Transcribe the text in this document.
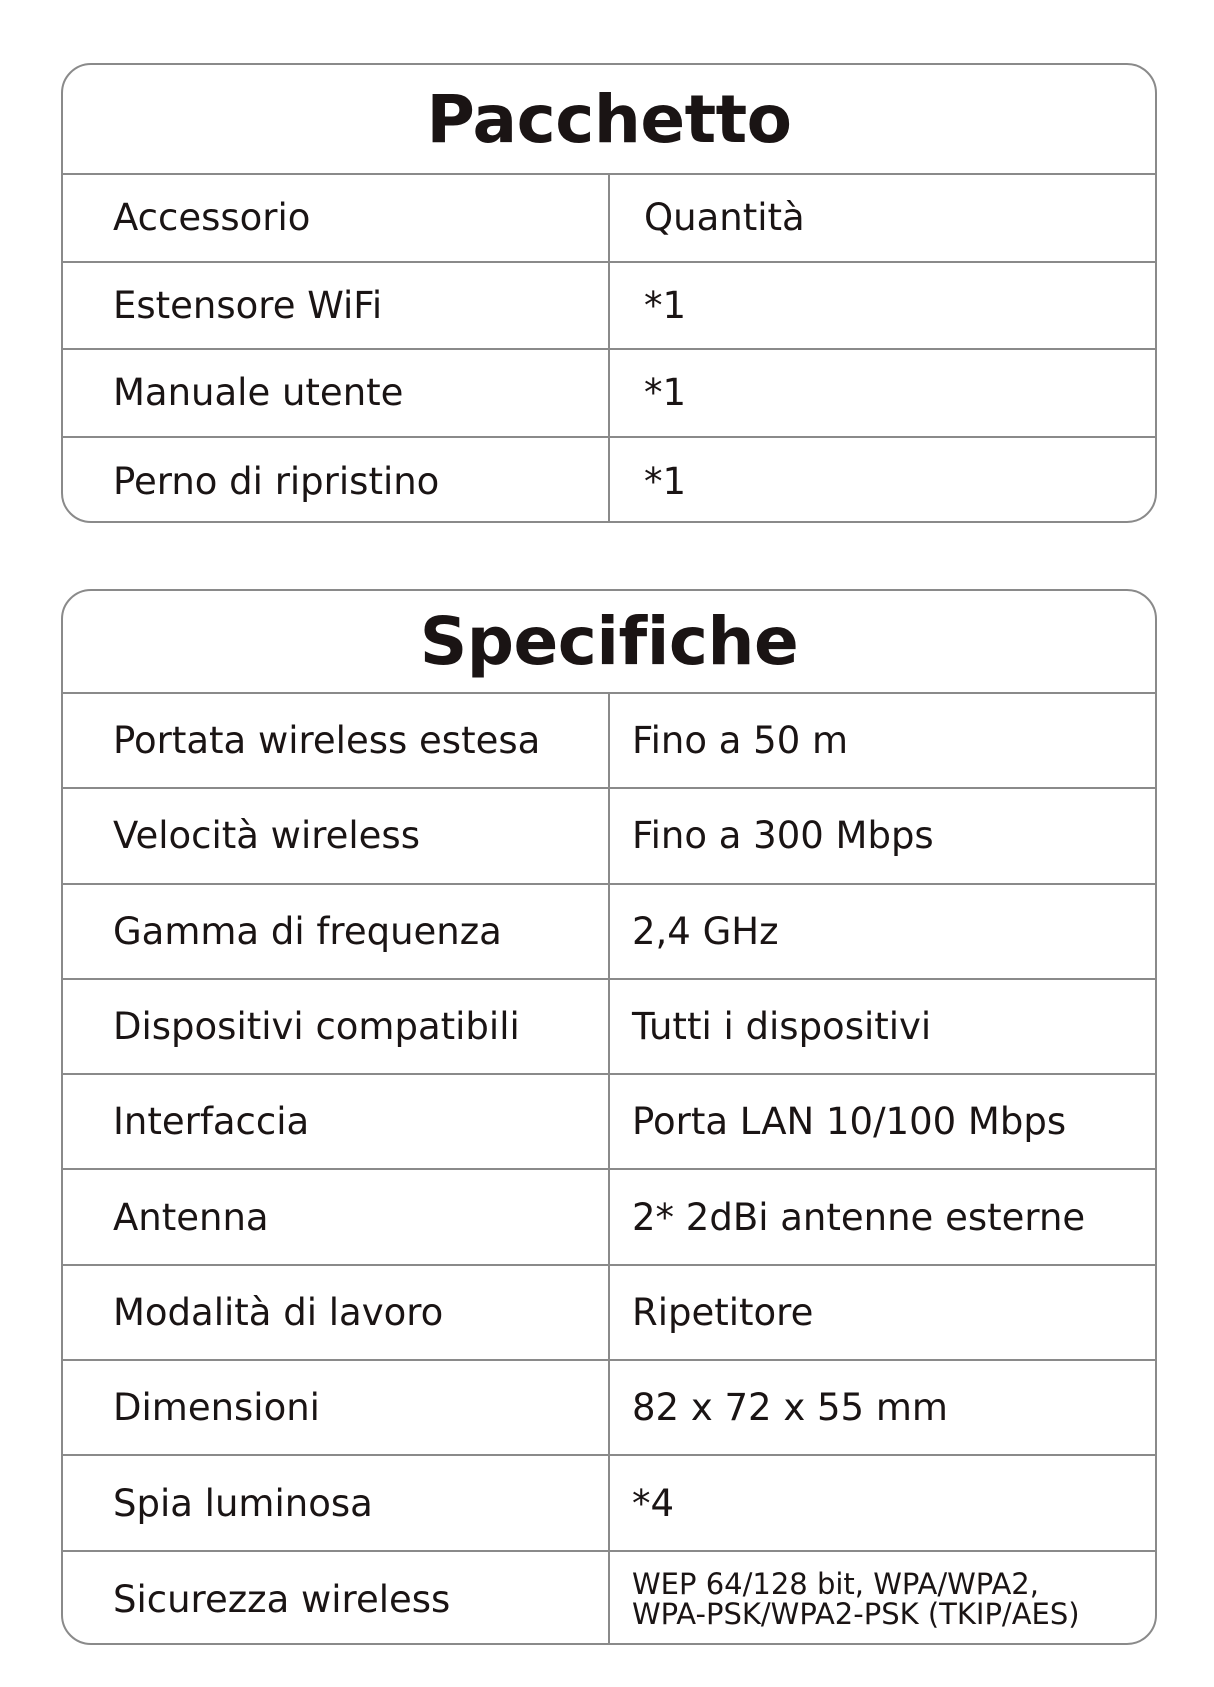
Pacchetto
Accessorio	Quantità
Estensore WiFi	*1
Manuale utente	*1
Perno di ripristino	*1
Specifiche
Portata wireless estesa	Fino a 50 m
Velocità wireless	Fino a 300 Mbps
Gamma di frequenza	2,4 GHz
Dispositivi compatibili	Tutti i dispositivi
Interfaccia	Porta LAN 10/100 Mbps
Antenna	2* 2dBi antenne esterne
Modalità di lavoro	Ripetitore
Dimensioni	82 x 72 x 55 mm
Spia luminosa	*4
Sicurezza wireless	WEP 64/128 bit, WPA/WPA2,
WPA-PSK/WPA2-PSK (TKIP/AES)
